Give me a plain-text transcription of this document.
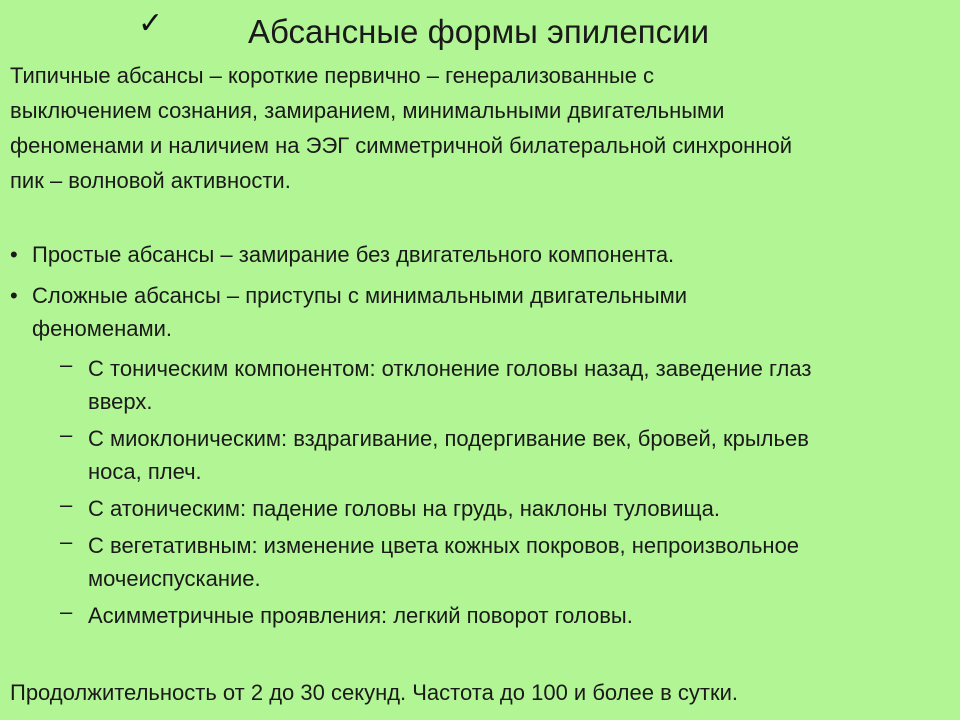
✓	Абсансные формы эпилепсии
Типичные абсансы – короткие первично – генерализованные с
выключением сознания, замиранием, минимальными двигательными
феноменами и наличием на ЭЭГ симметричной билатеральной синхронной
пик – волновой активности.
• Простые абсансы – замирание без двигательного компонента.
• Сложные абсансы – приступы с минимальными двигательными
феноменами.
– С тоническим компонентом: отклонение головы назад, заведение глаз
вверх.
– С миоклоническим: вздрагивание, подергивание век, бровей, крыльев
носа, плеч.
– С атоническим: падение головы на грудь, наклоны туловища.
– С вегетативным: изменение цвета кожных покровов, непроизвольное
мочеиспускание.
– Асимметричные проявления: легкий поворот головы.
Продолжительность от 2 до 30 секунд. Частота до 100 и более в сутки.
